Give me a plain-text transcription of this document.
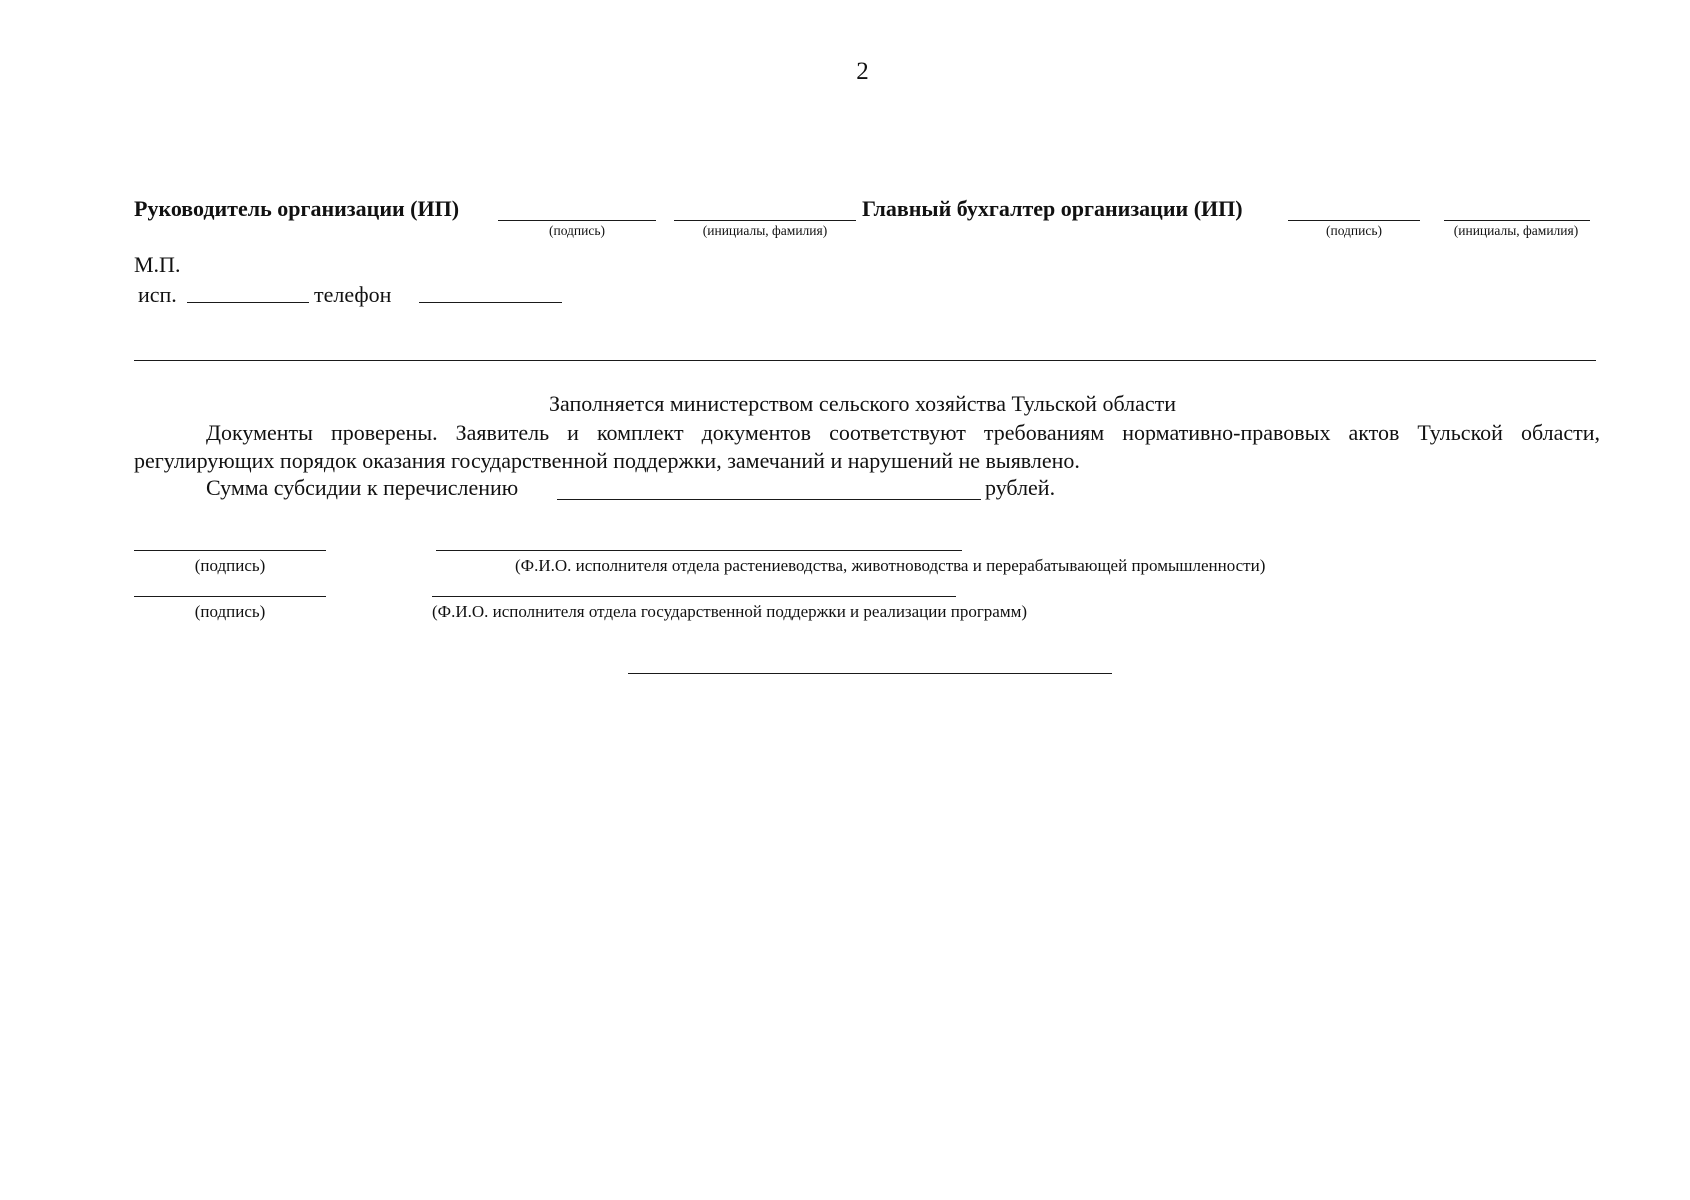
2
Руководитель организации (ИП)
(подпись)	(инициалы, фамилия)
Главный бухгалтер организации (ИП)
(подпись)	(инициалы, фамилия)
М.П.
исп.	телефон
Заполняется министерством сельского хозяйства Тульской области
Документы проверены. Заявитель и комплект документов соответствуют требованиям нормативно-правовых актов Тульской области, регулирующих порядок оказания государственной поддержки, замечаний и нарушений не выявлено.
Сумма субсидии к перечислению	рублей.
(подпись)	(Ф.И.О. исполнителя отдела растениеводства, животноводства и перерабатывающей промышленности)
(подпись)	(Ф.И.О. исполнителя отдела государственной поддержки и реализации программ)
